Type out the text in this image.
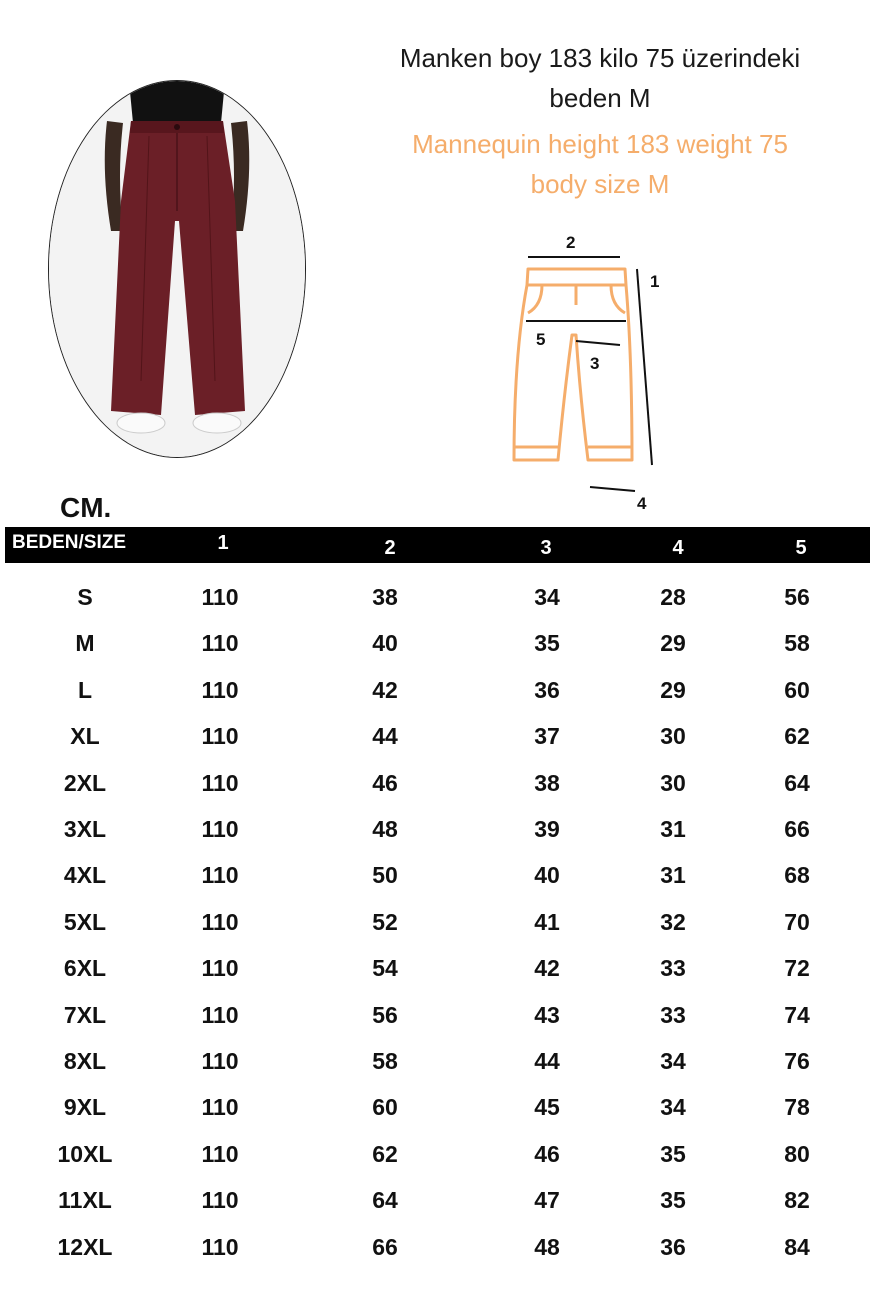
Manken boy 183 kilo 75 üzerindeki
beden M
Mannequin height 183 weight 75
body size M
1
2
3
4
5
CM.
BEDEN/SIZE	1	2	3	4	5
S	110	38	34	28	56
M	110	40	35	29	58
L	110	42	36	29	60
XL	110	44	37	30	62
2XL	110	46	38	30	64
3XL	110	48	39	31	66
4XL	110	50	40	31	68
5XL	110	52	41	32	70
6XL	110	54	42	33	72
7XL	110	56	43	33	74
8XL	110	58	44	34	76
9XL	110	60	45	34	78
10XL	110	62	46	35	80
11XL	110	64	47	35	82
12XL	110	66	48	36	84
